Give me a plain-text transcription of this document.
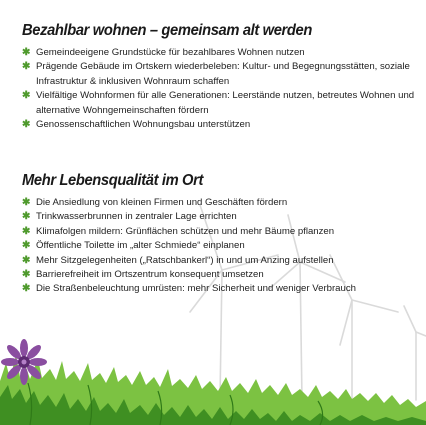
Bezahlbar wohnen – gemeinsam alt werden
✱ Gemeindeeigene Grundstücke für bezahlbares Wohnen nutzen
✱ Prägende Gebäude im Ortskern wiederbeleben: Kultur- und Begegnungsstätten, soziale Infrastruktur & inklusiven Wohnraum schaffen
✱ Vielfältige Wohnformen für alle Generationen: Leerstände nutzen, betreutes Wohnen und alternative Wohngemeinschaften fördern
✱ Genossenschaftlichen Wohnungsbau unterstützen
Mehr Lebensqualität im Ort
✱ Die Ansiedlung von kleinen Firmen und Geschäften fördern
✱ Trinkwasserbrunnen in zentraler Lage errichten
✱ Klimafolgen mildern: Grünflächen schützen und mehr Bäume pflanzen
✱ Öffentliche Toilette im „alter Schmiede“ einplanen
✱ Mehr Sitzgelegenheiten („Ratschbankerl“) in und um Anzing aufstellen
✱ Barrierefreiheit im Ortszentrum konsequent umsetzen
✱ Die Straßenbeleuchtung umrüsten: mehr Sicherheit und weniger Verbrauch
